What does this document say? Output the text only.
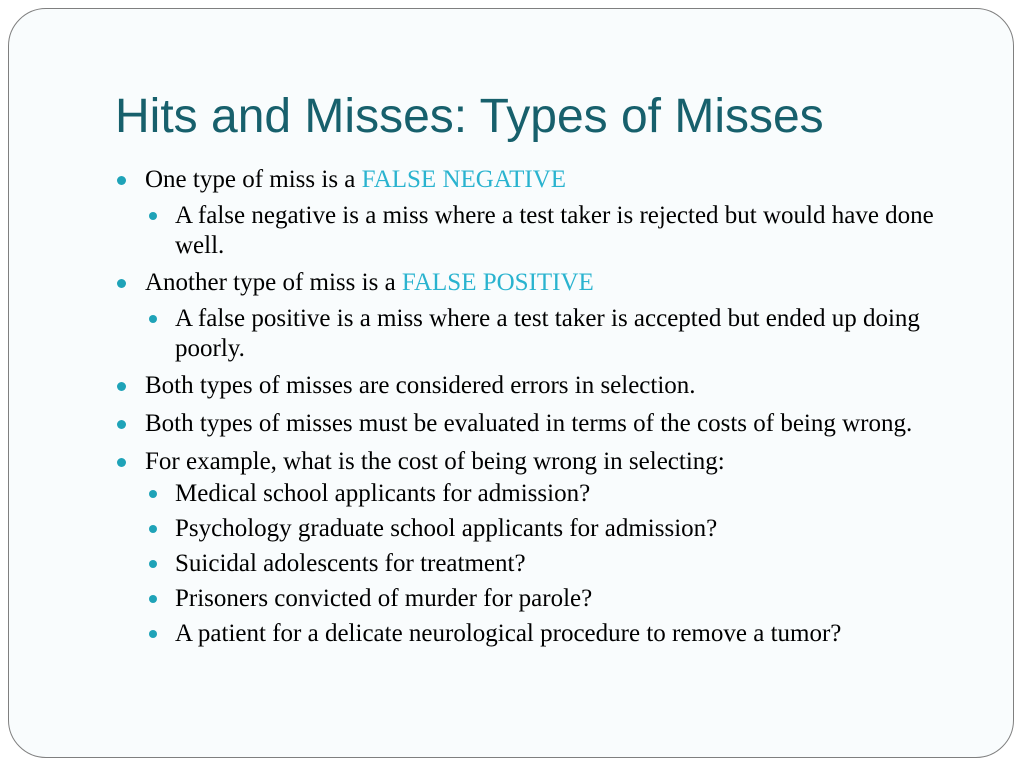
Hits and Misses: Types of Misses
One type of miss is a FALSE NEGATIVE
A false negative is a miss where a test taker is rejected but would have done well.
Another type of miss is a FALSE POSITIVE
A false positive is a miss where a test taker is accepted but ended up doing poorly.
Both types of misses are considered errors in selection.
Both types of misses must be evaluated in terms of the costs of being wrong.
For example, what is the cost of being wrong in selecting:
Medical school applicants for admission?
Psychology graduate school applicants for admission?
Suicidal adolescents for treatment?
Prisoners convicted of murder for parole?
A patient for a delicate neurological procedure to remove a tumor?
